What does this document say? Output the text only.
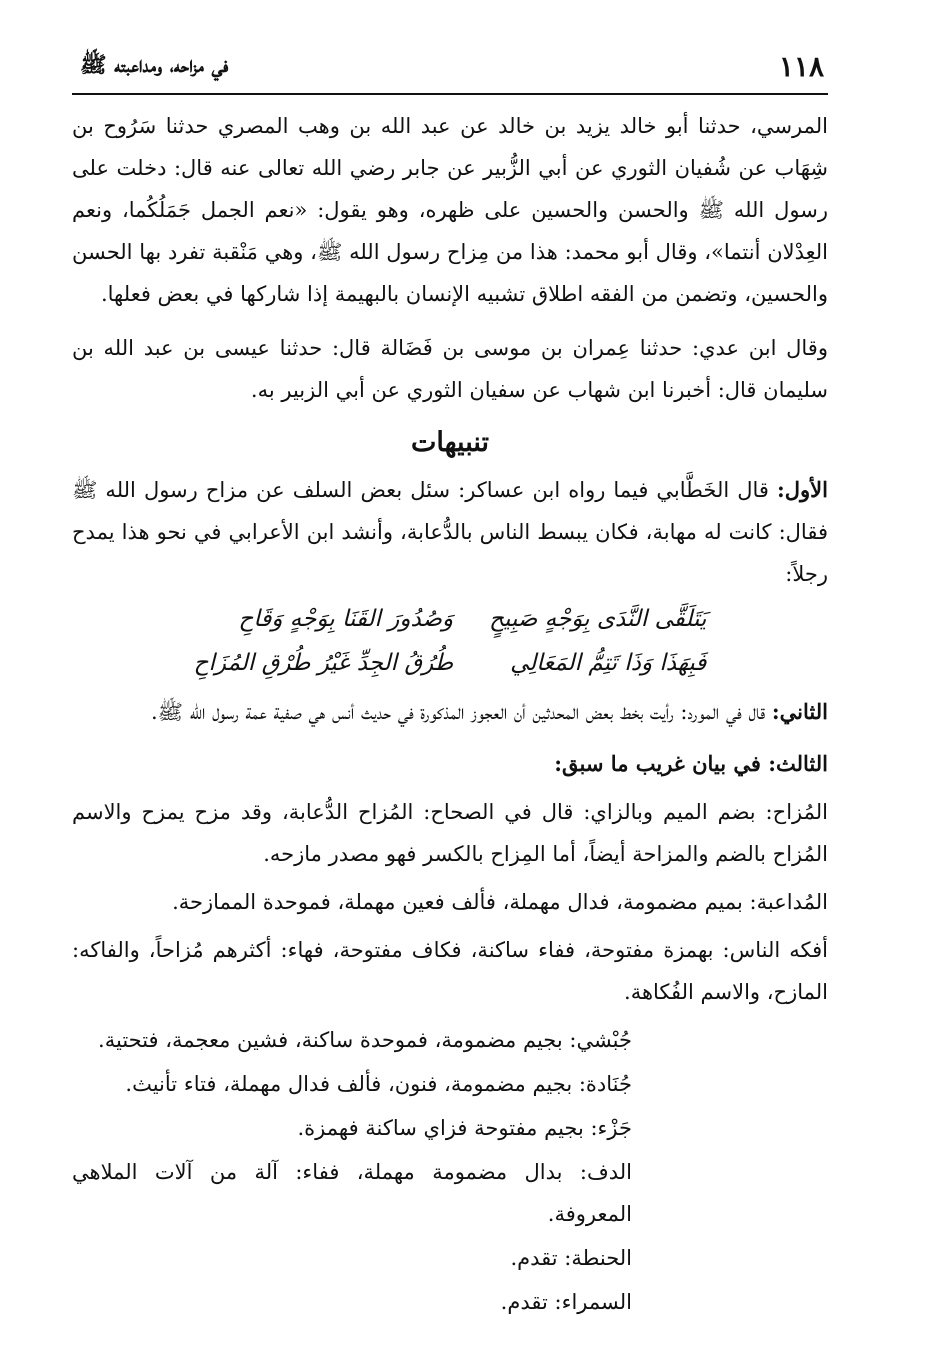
١١٨
في مزاحه، ومداعبته ﷺ

المرسي، حدثنا أبو خالد يزيد بن خالد عن عبد الله بن وهب المصري حدثنا سَرُوح بن شِهَاب عن شُفيان الثوري عن أبي الزُّبير عن جابر رضي الله تعالى عنه قال: دخلت على رسول الله ﷺ والحسن والحسين على ظهره، وهو يقول: «نعم الجمل جَمَلُكُما، ونعم العِدْلان أنتما»، وقال أبو محمد: هذا من مِزاح رسول الله ﷺ، وهي مَنْقبة تفرد بها الحسن والحسين، وتضمن من الفقه اطلاق تشبيه الإنسان بالبهيمة إذا شاركها في بعض فعلها.

وقال ابن عدي: حدثنا عِمران بن موسى بن فَضَالة قال: حدثنا عيسى بن عبد الله بن سليمان قال: أخبرنا ابن شهاب عن سفيان الثوري عن أبي الزبير به.

تنبيهات

الأول: قال الخَطَّابي فيما رواه ابن عساكر: سئل بعض السلف عن مزاح رسول الله ﷺ فقال: كانت له مهابة، فكان يبسط الناس بالدُّعابة، وأنشد ابن الأعرابي في نحو هذا يمدح رجلاً:

يَتَلَقَّى النَّدَى بِوَجْهٍ صَبِيحٍ
وَصُدُورَ القَنَا بِوَجْهٍ وَقَاحِ
فَبِهَذَا وَذَا تَتِمُّ المَعَالِي
طُرُقُ الجِدِّ غَيْرُ طُرْقِ المُزَاحِ

الثاني: قال في المورد: رأيت بخط بعض المحدثين أن العجوز المذكورة في حديث أنس هي صفية عمة رسول الله ﷺ.

الثالث: في بيان غريب ما سبق:

المُزاح: بضم الميم وبالزاي: قال في الصحاح: المُزاح الدُّعابة، وقد مزح يمزح والاسم المُزاح بالضم والمزاحة أيضاً، أما المِزاح بالكسر فهو مصدر مازحه.

المُداعبة: بميم مضمومة، فدال مهملة، فألف فعين مهملة، فموحدة الممازحة.

أفكه الناس: بهمزة مفتوحة، ففاء ساكنة، فكاف مفتوحة، فهاء: أكثرهم مُزاحاً، والفاكه: المازح، والاسم الفُكاهة.

جُبْشي: بجيم مضمومة، فموحدة ساكنة، فشين معجمة، فتحتية.

جُنَادة: بجيم مضمومة، فنون، فألف فدال مهملة، فتاء تأنيث.

جَزْء: بجيم مفتوحة فزاي ساكنة فهمزة.

الدف: بدال مضمومة مهملة، ففاء: آلة من آلات الملاهي المعروفة.

الحنطة: تقدم.

السمراء: تقدم.
